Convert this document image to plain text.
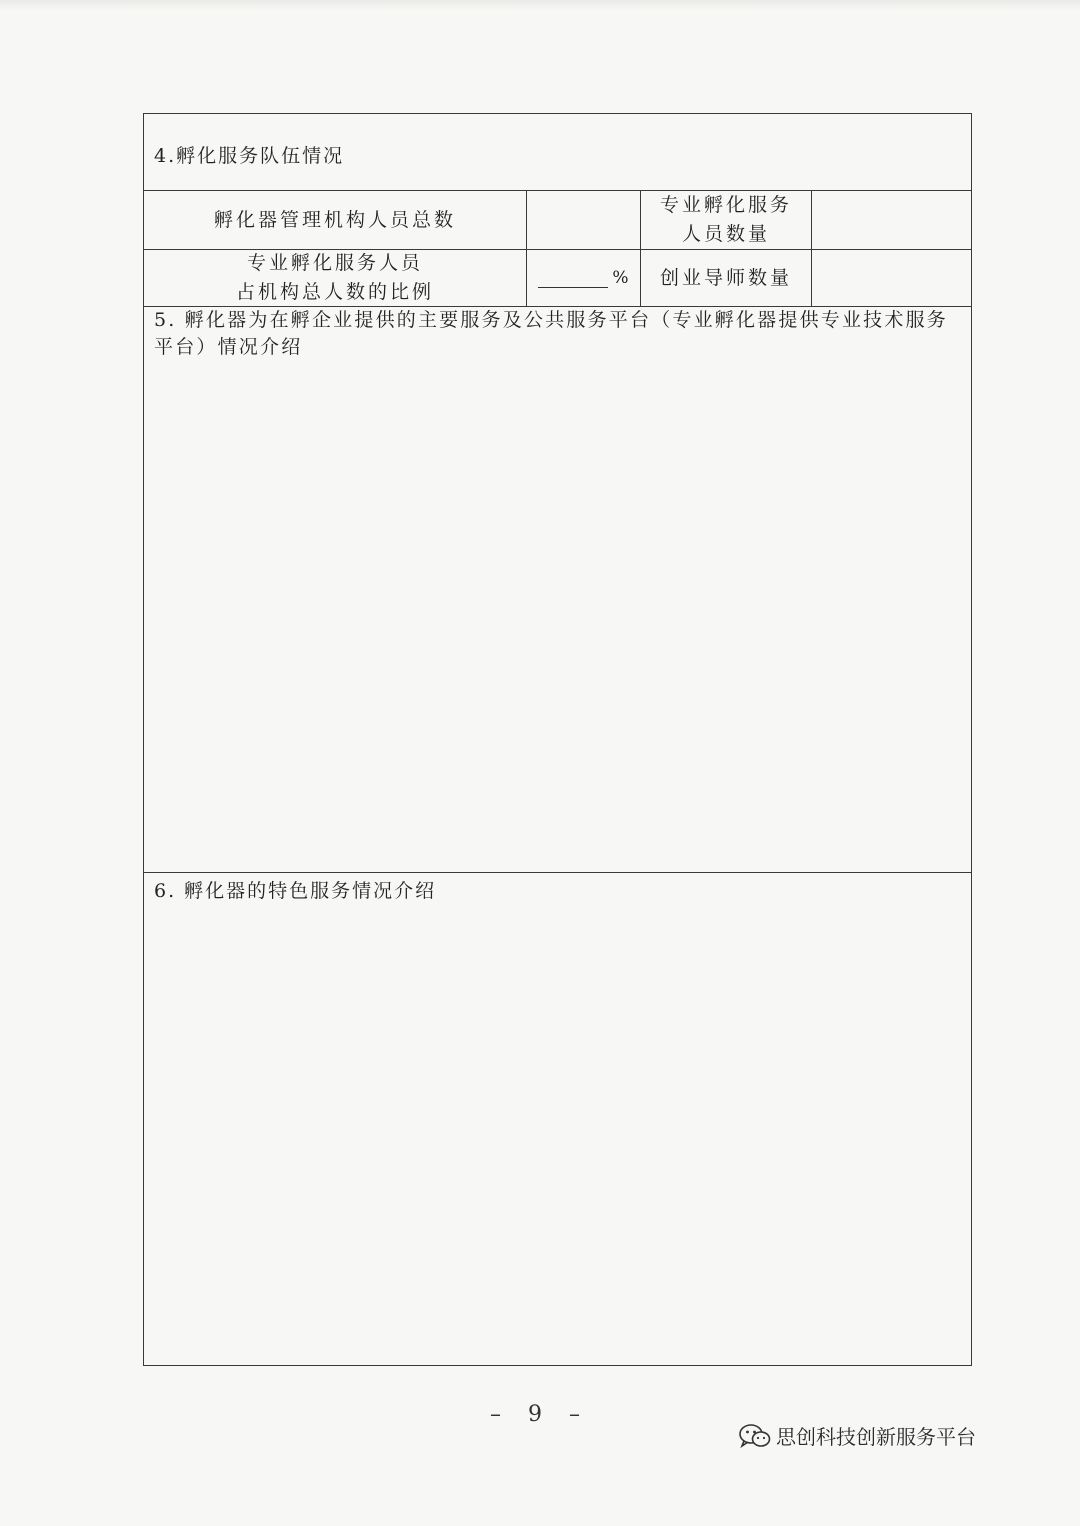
4.孵化服务队伍情况
孵化器管理机构人员总数
专业孵化服务
人员数量
专业孵化服务人员
占机构总人数的比例
% 创业导师数量
5. 孵化器为在孵企业提供的主要服务及公共服务平台（专业孵化器提供专业技术服务平台）情况介绍
6. 孵化器的特色服务情况介绍
– 9 –
思创科技创新服务平台
